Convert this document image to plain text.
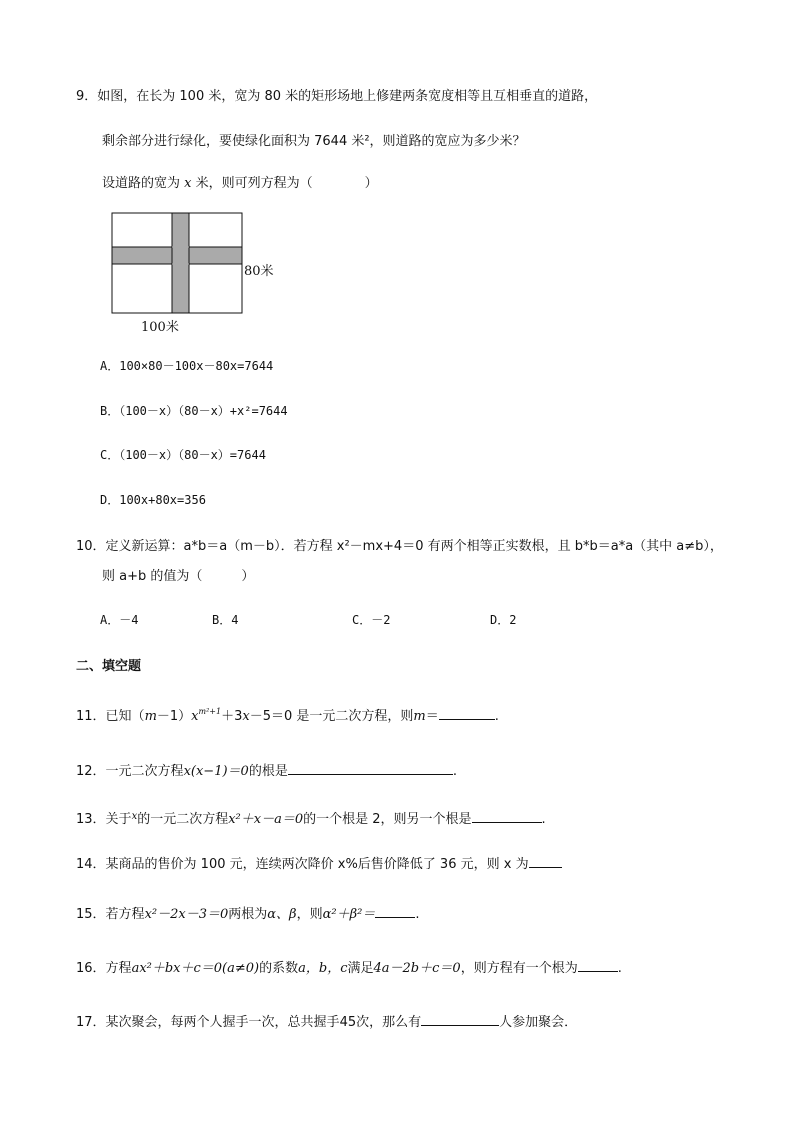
9．如图，在长为 100 米，宽为 80 米的矩形场地上修建两条宽度相等且互相垂直的道路，
剩余部分进行绿化，要使绿化面积为 7644 米²，则道路的宽应为多少米？
设道路的宽为 x 米，则可列方程为（　　　　）
80米
100米
A．100×80－100x－80x=7644
B．（100－x）（80－x）+x²=7644
C．（100－x）（80－x）=7644
D．100x+80x=356
10．定义新运算：a*b＝a（m－b）．若方程 x²－mx+4＝0 有两个相等正实数根，且 b*b＝a*a（其中 a≠b），
则 a+b 的值为（　　　）
A．－4	B．4	C．－2	D．2
二、填空题
11．已知$(m-1)x^{m^2+1}+3x-5=0$ 是一元二次方程，则m＝	.
12．一元二次方程x(x−1)＝0的根是	.
13．关于$^x$的一元二次方程x²＋x－a＝0的一个根是 2，则另一个根是	.
14．某商品的售价为 100 元，连续两次降价 x%后售价降低了 36 元，则 x 为
15．若方程x²－2x－3＝0两根为α、β，则α²＋β²＝	.
16．方程ax²＋bx＋c＝0(a≠0)的系数a，b，c满足4a－2b＋c＝0，则方程有一个根为	.
17．某次聚会，每两个人握手一次，总共握手45次，那么有	人参加聚会．
